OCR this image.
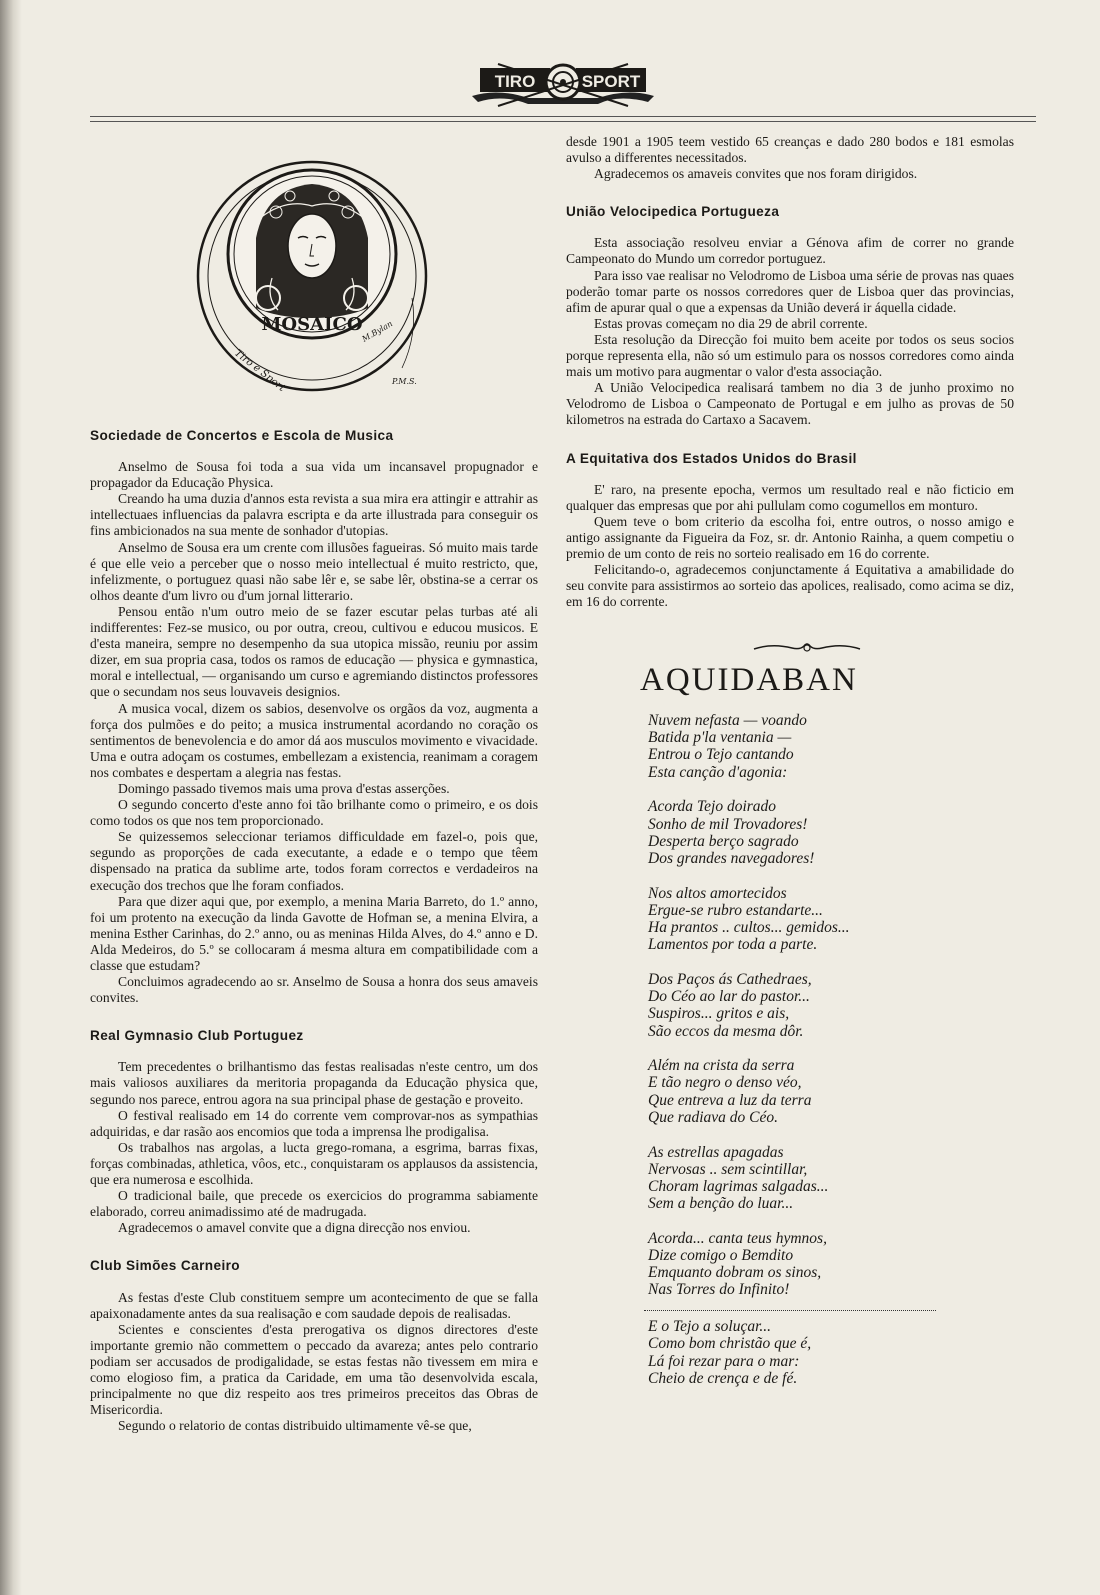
TIRO	SPORT
MOSAICO
Tiro e Sport
M.Bylan
P.M.S.
Sociedade de Concertos e Escola de Musica

Anselmo de Sousa foi toda a sua vida um incansavel propugnador e propagador da Educação Physica.

Creando ha uma duzia d'annos esta revista a sua mira era attingir e attrahir as intellectuaes influencias da palavra escripta e da arte illustrada para conseguir os fins ambicionados na sua mente de sonhador d'utopias.

Anselmo de Sousa era um crente com illusões fagueiras. Só muito mais tarde é que elle veio a perceber que o nosso meio intellectual é muito restricto, que, infelizmente, o portuguez quasi não sabe lêr e, se sabe lêr, obstina-se a cerrar os olhos deante d'um livro ou d'um jornal litterario.

Pensou então n'um outro meio de se fazer escutar pelas turbas até ali indifferentes: Fez-se musico, ou por outra, creou, cultivou e educou musicos. E d'esta maneira, sempre no desempenho da sua utopica missão, reuniu por assim dizer, em sua propria casa, todos os ramos de educação — physica e gymnastica, moral e intellectual, — organisando um curso e agremiando distinctos professores que o secundam nos seus louvaveis designios.

A musica vocal, dizem os sabios, desenvolve os orgãos da voz, augmenta a força dos pulmões e do peito; a musica instrumental acordando no coração os sentimentos de benevolencia e do amor dá aos musculos movimento e vivacidade. Uma e outra adoçam os costumes, embellezam a existencia, reanimam a coragem nos combates e despertam a alegria nas festas.

Domingo passado tivemos mais uma prova d'estas asserções.

O segundo concerto d'este anno foi tão brilhante como o primeiro, e os dois como todos os que nos tem proporcionado.

Se quizessemos seleccionar teriamos difficuldade em fazel-o, pois que, segundo as proporções de cada executante, a edade e o tempo que têem dispensado na pratica da sublime arte, todos foram correctos e verdadeiros na execução dos trechos que lhe foram confiados.

Para que dizer aqui que, por exemplo, a menina Maria Barreto, do 1.º anno, foi um protento na execução da linda Gavotte de Hofman se, a menina Elvira, a menina Esther Carinhas, do 2.º anno, ou as meninas Hilda Alves, do 4.º anno e D. Alda Medeiros, do 5.º se collocaram á mesma altura em compatibilidade com a classe que estudam?

Concluimos agradecendo ao sr. Anselmo de Sousa a honra dos seus amaveis convites.

Real Gymnasio Club Portuguez

Tem precedentes o brilhantismo das festas realisadas n'este centro, um dos mais valiosos auxiliares da meritoria propaganda da Educação physica que, segundo nos parece, entrou agora na sua principal phase de gestação e proveito.

O festival realisado em 14 do corrente vem comprovar-nos as sympathias adquiridas, e dar rasão aos encomios que toda a imprensa lhe prodigalisa.

Os trabalhos nas argolas, a lucta grego-romana, a esgrima, barras fixas, forças combinadas, athletica, vôos, etc., conquistaram os applausos da assistencia, que era numerosa e escolhida.

O tradicional baile, que precede os exercicios do programma sabiamente elaborado, correu animadissimo até de madrugada.

Agradecemos o amavel convite que a digna direcção nos enviou.

Club Simões Carneiro

As festas d'este Club constituem sempre um acontecimento de que se falla apaixonadamente antes da sua realisação e com saudade depois de realisadas.

Scientes e conscientes d'esta prerogativa os dignos directores d'este importante gremio não commettem o peccado da avareza; antes pelo contrario podiam ser accusados de prodigalidade, se estas festas não tivessem em mira e como elogioso fim, a pratica da Caridade, em uma tão desenvolvida escala, principalmente no que diz respeito aos tres primeiros preceitos das Obras de Misericordia.

Segundo o relatorio de contas distribuido ultimamente vê-se que,

desde 1901 a 1905 teem vestido 65 creanças e dado 280 bodos e 181 esmolas avulso a differentes necessitados.

Agradecemos os amaveis convites que nos foram dirigidos.

União Velocipedica Portugueza

Esta associação resolveu enviar a Génova afim de correr no grande Campeonato do Mundo um corredor portuguez.

Para isso vae realisar no Velodromo de Lisboa uma série de provas nas quaes poderão tomar parte os nossos corredores quer de Lisboa quer das provincias, afim de apurar qual o que a expensas da União deverá ir áquella cidade.

Estas provas começam no dia 29 de abril corrente.

Esta resolução da Direcção foi muito bem aceite por todos os seus socios porque representa ella, não só um estimulo para os nossos corredores como ainda mais um motivo para augmentar o valor d'esta associação.

A União Velocipedica realisará tambem no dia 3 de junho proximo no Velodromo de Lisboa o Campeonato de Portugal e em julho as provas de 50 kilometros na estrada do Cartaxo a Sacavem.

A Equitativa dos Estados Unidos do Brasil

E' raro, na presente epocha, vermos um resultado real e não ficticio em qualquer das empresas que por ahi pullulam como cogumellos em monturo.

Quem teve o bom criterio da escolha foi, entre outros, o nosso amigo e antigo assignante da Figueira da Foz, sr. dr. Antonio Rainha, a quem competiu o premio de um conto de reis no sorteio realisado em 16 do corrente.

Felicitando-o, agradecemos conjunctamente á Equitativa a amabilidade do seu convite para assistirmos ao sorteio das apolices, realisado, como acima se diz, em 16 do corrente.

AQUIDABAN
Nuvem nefasta — voando
Batida p'la ventania —
Entrou o Tejo cantando
Esta canção d'agonia:
Acorda Tejo doirado
Sonho de mil Trovadores!
Desperta berço sagrado
Dos grandes navegadores!
Nos altos amortecidos
Ergue-se rubro estandarte...
Ha prantos .. cultos... gemidos...
Lamentos por toda a parte.
Dos Paços ás Cathedraes,
Do Céo ao lar do pastor...
Suspiros... gritos e ais,
São eccos da mesma dôr.
Além na crista da serra
E tão negro o denso véo,
Que entreva a luz da terra
Que radiava do Céo.
As estrellas apagadas
Nervosas .. sem scintillar,
Choram lagrimas salgadas...
Sem a benção do luar...
Acorda... canta teus hymnos,
Dize comigo o Bemdito
Emquanto dobram os sinos,
Nas Torres do Infinito!
E o Tejo a soluçar...
Como bom christão que é,
Lá foi rezar para o mar:
Cheio de crença e de fé.
